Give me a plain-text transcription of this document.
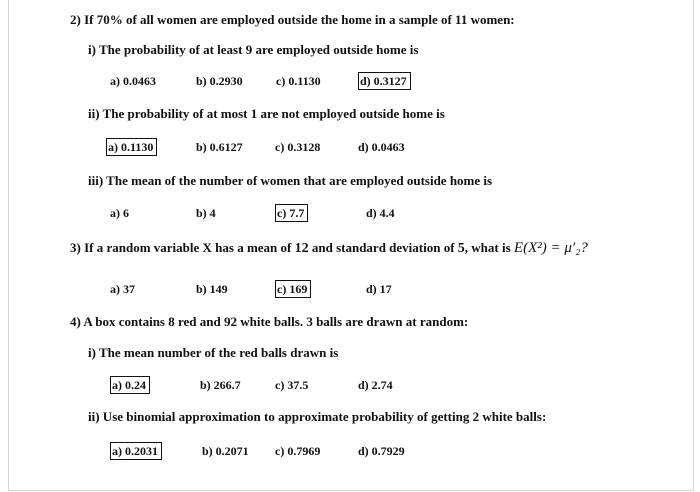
2) If 70% of all women are employed outside the home in a sample of 11 women:
i) The probability of at least 9 are employed outside home is
a) 0.0463	b) 0.2930	c) 0.1130	d) 0.3127
ii) The probability of at most 1 are not employed outside home is
a) 0.1130	b) 0.6127	c) 0.3128	d) 0.0463
iii) The mean of the number of women that are employed outside home is
a) 6	b) 4	c) 7.7	d) 4.4
3) If a random variable X has a mean of 12 and standard deviation of 5, what is E(X²) = μ′₂?
a) 37	b) 149	c) 169	d) 17
4) A box contains 8 red and 92 white balls. 3 balls are drawn at random:
i) The mean number of the red balls drawn is
a) 0.24	b) 266.7	c) 37.5	d) 2.74
ii) Use binomial approximation to approximate probability of getting 2 white balls:
a) 0.2031	b) 0.2071 c) 0.7969	d) 0.7929
